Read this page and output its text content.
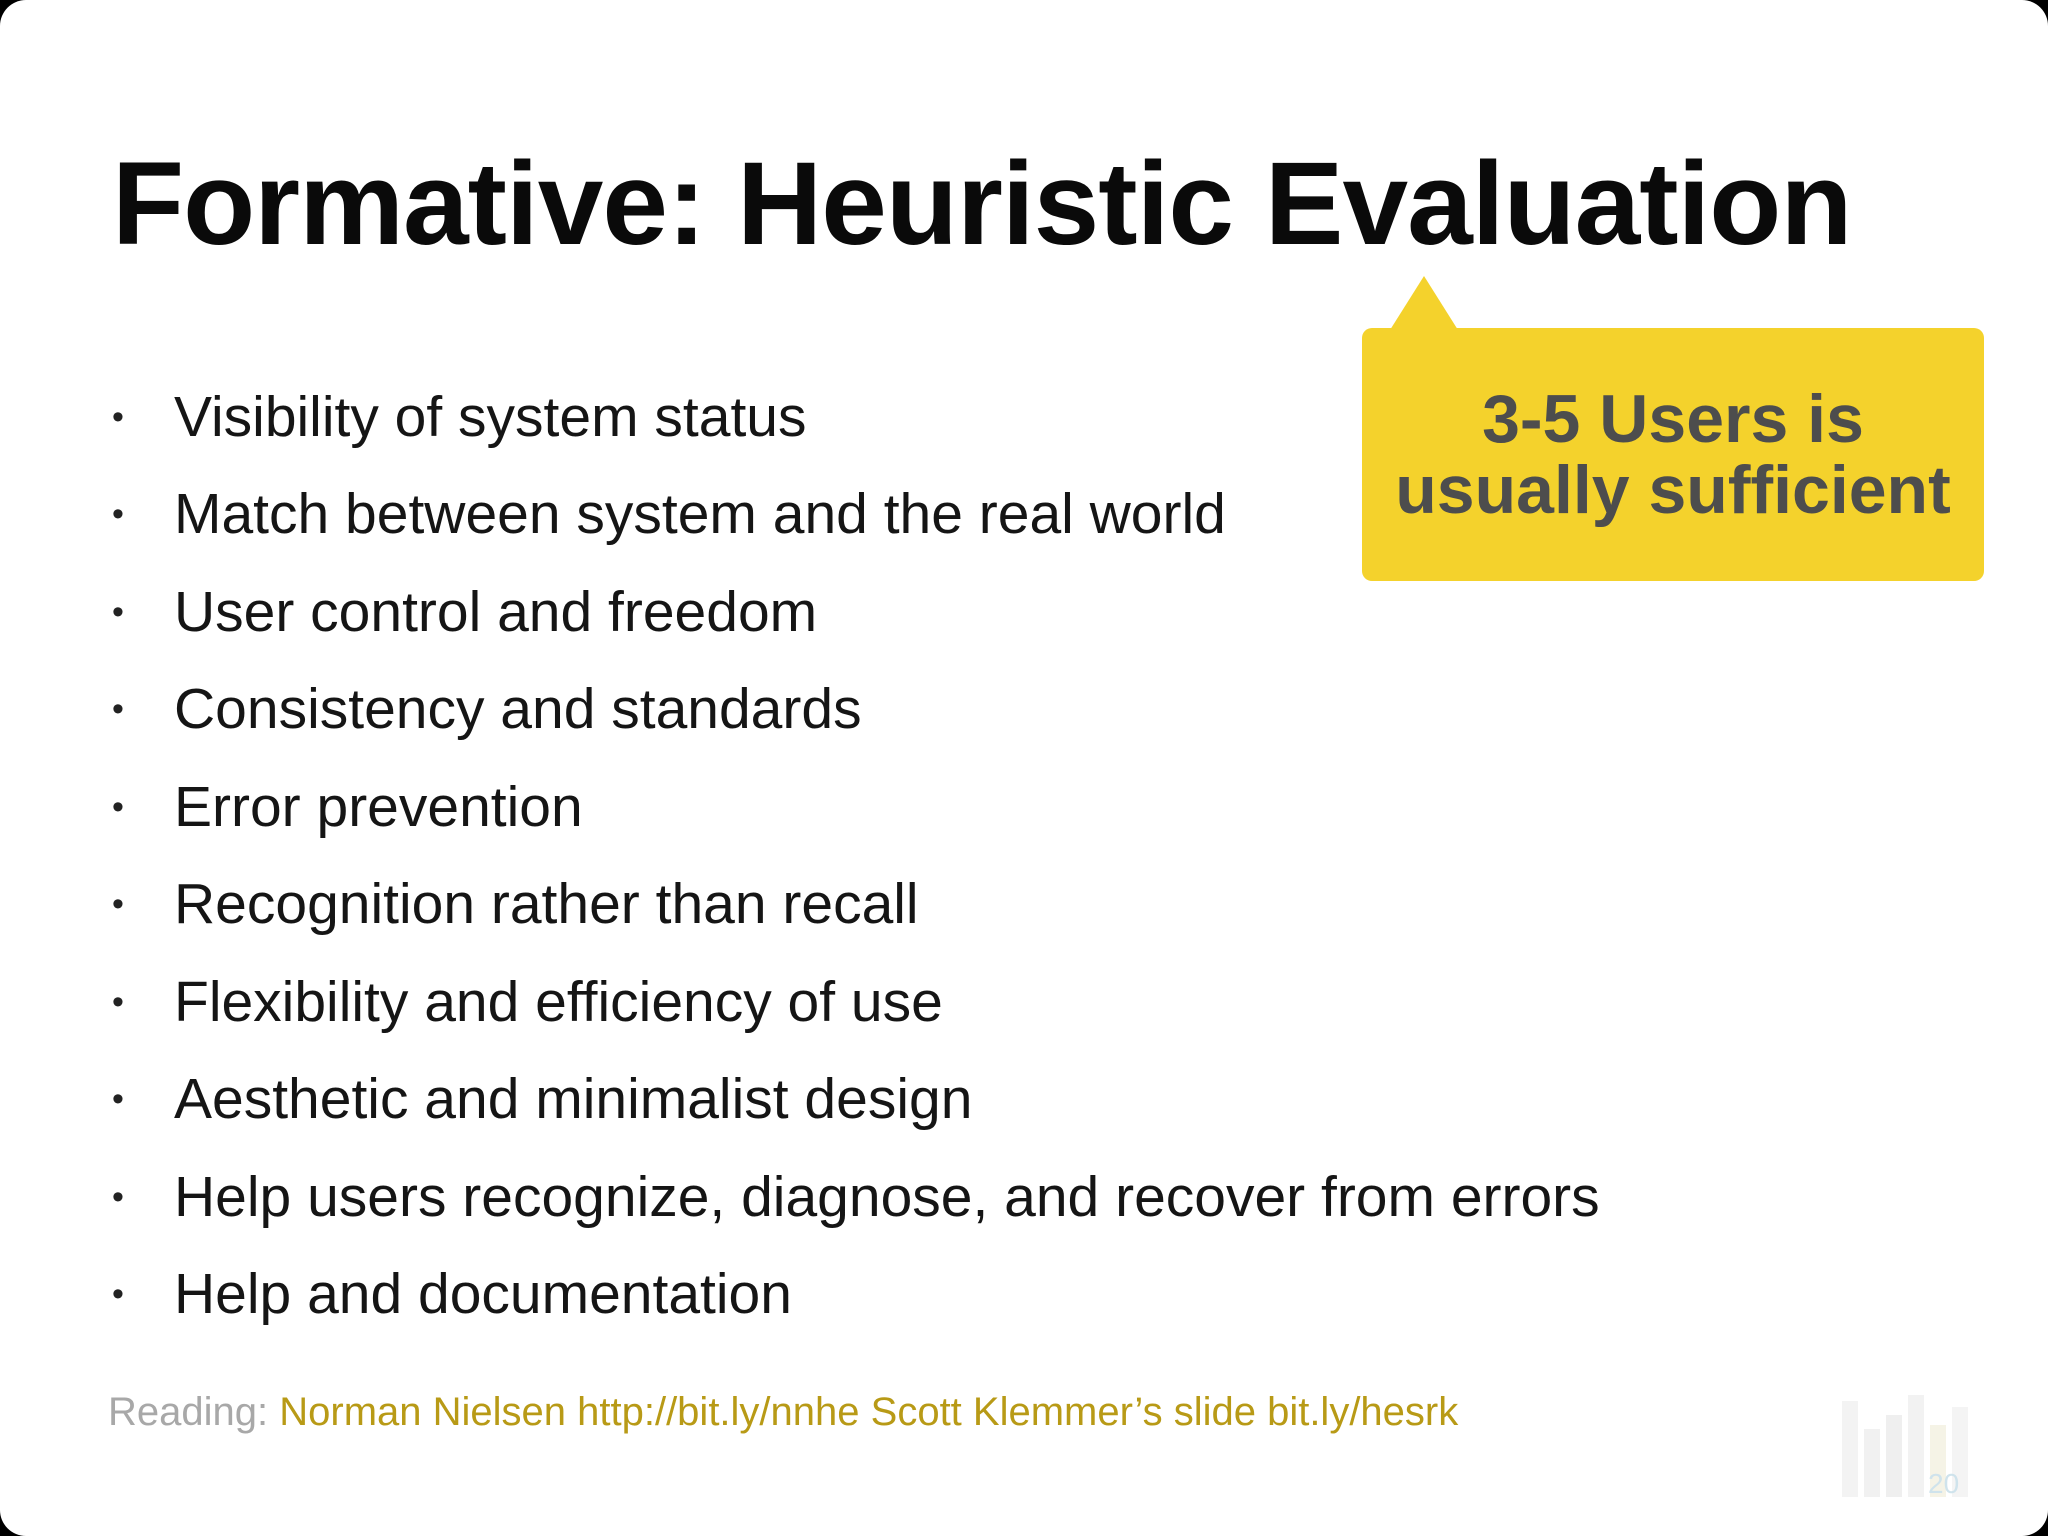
Formative: Heuristic Evaluation
• Visibility of system status
• Match between system and the real world
• User control and freedom
• Consistency and standards
• Error prevention
• Recognition rather than recall
• Flexibility and efficiency of use
• Aesthetic and minimalist design
• Help users recognize, diagnose, and recover from errors
• Help and documentation
3-5 Users is
usually sufficient
Reading: Norman Nielsen http://bit.ly/nnhe Scott Klemmer’s slide bit.ly/hesrk
20
